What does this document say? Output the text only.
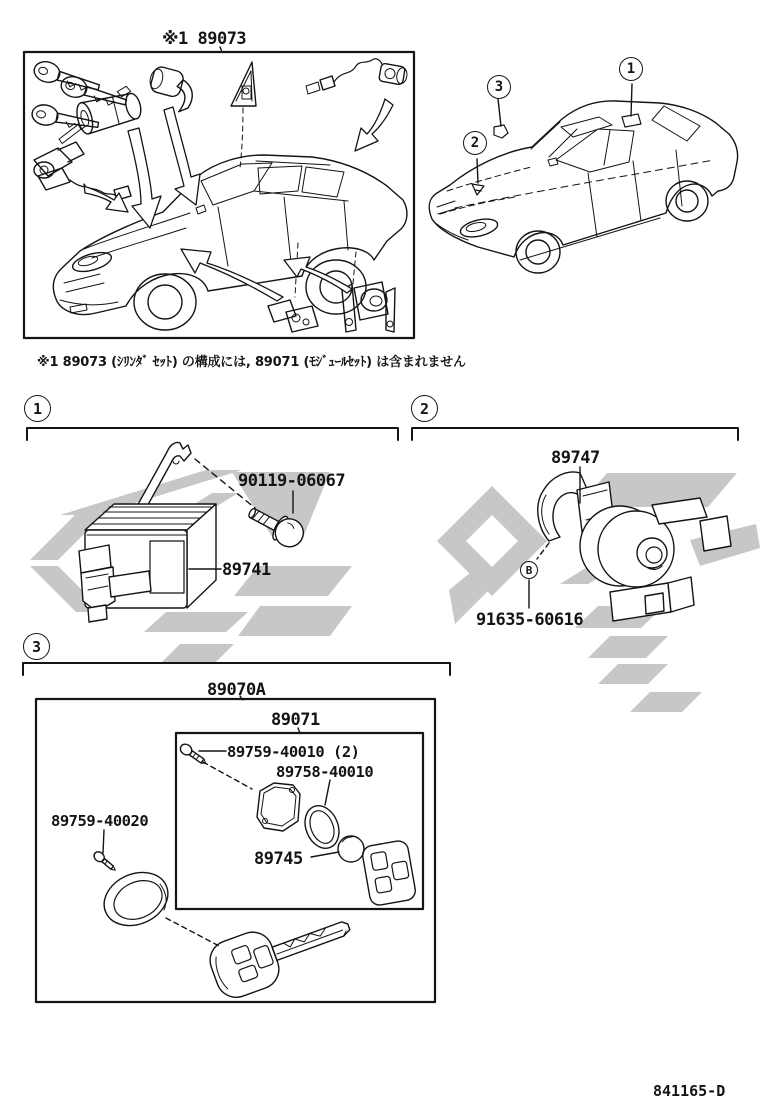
※1 89073
※1 89073 (ｼﾘﾝﾀﾞ ｾｯﾄ) の構成には, 89071 (ﾓｼﾞｭｰﾙｾｯﾄ) は含まれません
1
3
2
1	2
3
90119-06067
89741
89747
B
91635-60616
89070A
89071
89759-40010 (2)
89758-40010
89745
89759-40020
841165-D
